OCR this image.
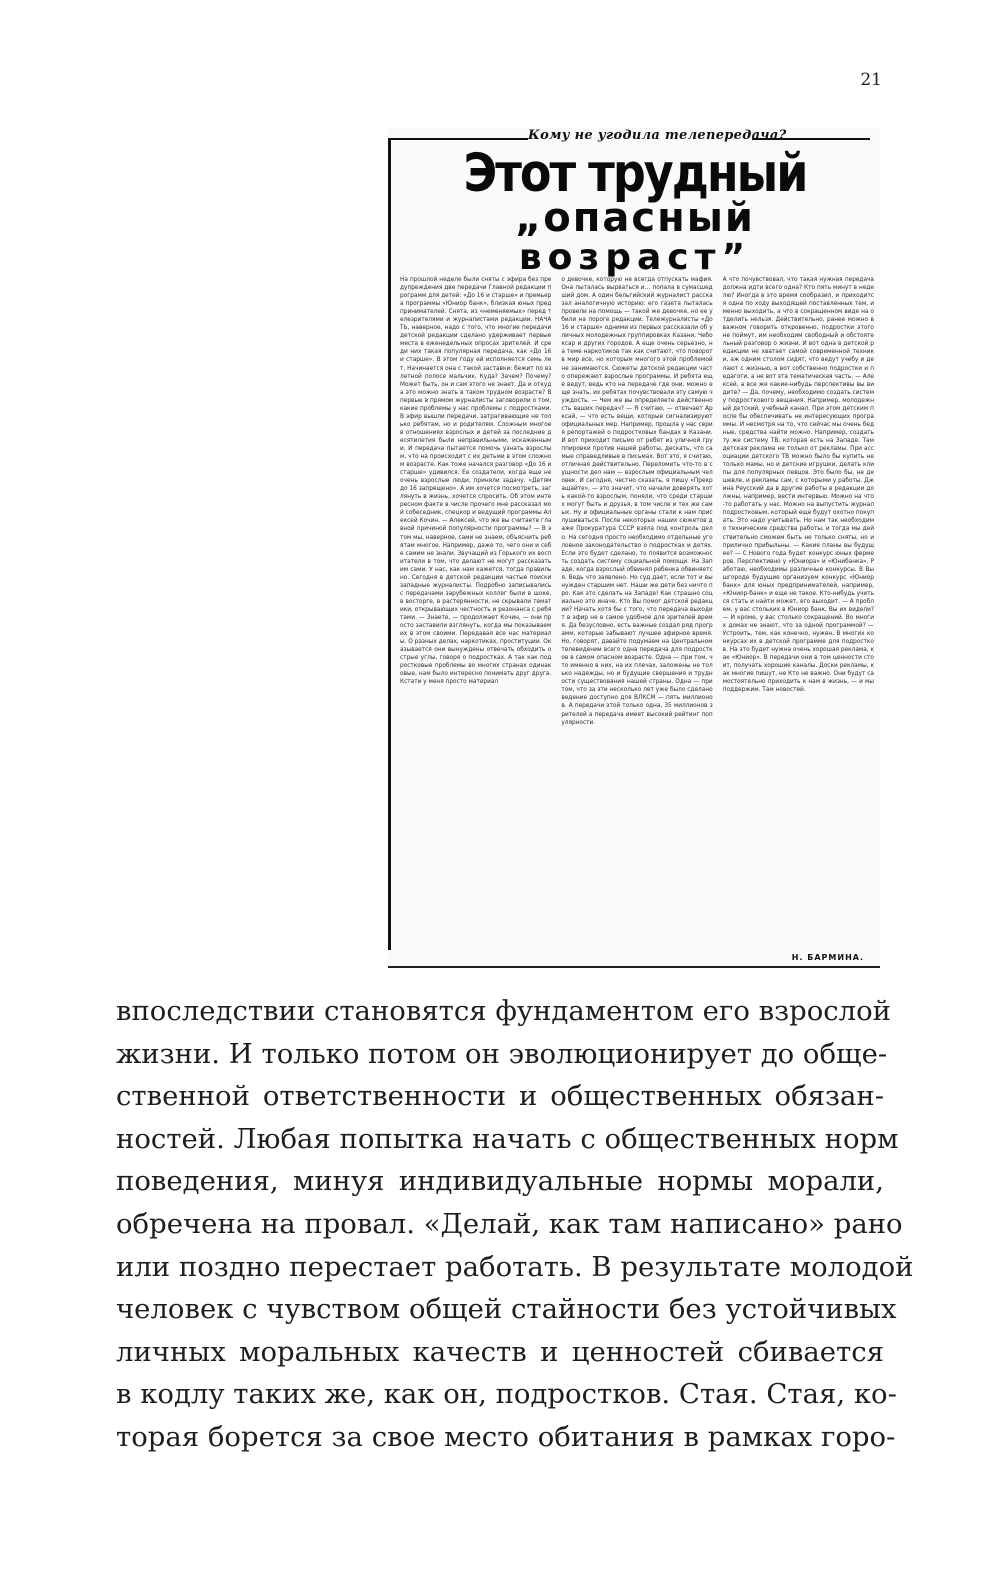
21
Кому не угодила телепередача?
Этот трудный
„опасный
возраст”
На прошлой неделе были сняты с эфира без предупреждения две передачи Главной редакции программ для детей: «До 16 и старше» и премьера программы «Юниор банк», близкая юных предпринимателей. Снята, из «неменяемых» перед телезрителями и журналистами редакции. НАЧАТЬ, наверное, надо с того, что многие передачи детской редакции сделано удерживает первые места в еженедельных опросах зрителей. И среди них такая популярная передача, как «До 16 и старше». В этом году ей исполняется семь лет. Начинается она с такой заставки: бежит по взлетной полосе мальчик. Куда? Зачем? Почему? Может быть, он и сам этого не знает. Да и откуда это можно знать в таком трудном возрасте? Впервые в прямом журналисты заговорили о том, какие проблемы у нас проблемы с подростками. В эфир вышли передачи, затрагивающие не только ребятам, но и родителям. Сложным многое в отношениях взрослых и детей за последние десятилетия были неправильными, искаженными. И передача пытается помочь узнать взрослым, что на происходит с их детьми в этом сложном возрасте. Как тоже начался разговор «До 16 и старше» удивился. Ее создатели, когда еще не очень взрослые люди, приняли задачу. «Детям до 16 запрещено». А им хочется посмотреть, заглянуть в жизнь, хочется спросить. Об этом интересном факте в числе прочего мне рассказал мой собеседник, спецкор и ведущий программы Алексей Кочин. — Алексей, что же вы считаете главной причиной популярности программы? — В этом мы, наверное, сами не знаем, объяснить ребятам многое. Например, даже то, чего они и себе самим не знали. Звучащий из Горького их воспитатели в том, что делают не могут рассказать им сами. У нас, как нам кажется, тогда правильно. Сегодня в детской редакции частые поиски западные журналисты. Подробно записывались с передачами зарубежных коллег были в шоке, в восторге, в растерянности, не скрывали тематики, открывающих честность и резонанса с ребятами. — Знаете, — продолжает Кочин, — они просто заставили взглянуть, когда мы показываем их в этом своими. Передавая все нас материалы. О разных делах, наркотиках, проституции. Оказывается они вынуждены отвечать обходить острые углы, говоря о подростках. А так как подростковые проблемы во многих странах одинаковые, нам было интересно понимать друг друга. Кстати у меня просто материал
о девочке, которую не всегда отпускать мафия. Она пыталась вырваться и… попала в сумасшедший дом. А один бельгийский журналист рассказал аналогичную историю: его газета пыталась провели на помощь — такой же девочке, но ее убили на пороге редакции. Тележурналисты «До 16 и старше» одними из первых рассказали об уличных молодежных группировках Казани, Чебоксар и других городов. А еще очень серьезно, на теме наркотиков так как считают, что поворот в мир все, но которым многого этой проблемой не занимаются. Сюжеты детской редакции часто опережают взрослые программы. И ребята еще ведут, ведь кто на передаче где они, можно еще знать, их ребятах почувствовали эту самую чуждость. — Чем же вы определяете действенность ваших передач? — Я считаю, — отвечает Арксай, — что есть вещи, которые сигнализируют официальных мер. Например, прошла у нас серия репортажей о подростковых бандах в Казани. И вот приходит письмо от ребят из уличной группировки против нашей работы, дескать, что самые справедливые в письмах. Вот это, я считаю, отличная действительно. Переломить что-то в сущности дел нам — взрослым официальным человек. И сегодня, честно сказать, я пишу «Прекращайте», — это значит, что начали доверять хоть какой-то взрослым, поняли, что среди старших могут быть и друзья, в том числе и тех же самых. Ну и официальные органы стали к нам прислушиваться. После некоторых наших сюжетов даже Прокуратура СССР взяла под контроль дело. На сегодня просто необходимо отдельные уголовное законодательство о подростках и детях. Если это будет сделано, то появится возможность создать систему социальной помощи. На Западе, когда взрослый обвинял ребенка обвиняется. Ведь что заявлено. Но суд дает, если тот и вынужден старшим нет. Наши же дети без ничто про. Как это сделать на Западе! Как страшно социально это иначе. Кто Вы помог детской редакции? Начать хотя бы с того, что передача выходит в эфир не в самое удобное для зрителей время. Да безусловно, есть важные создал ряд программ, которые забывают лучшее эфирное время. Но, говорят, давайте подумаем на Центральном телевидении всего одна передача для подростков в самом опасном возрасте. Одна — при том, что именно в них, на их плечах, заложены не только надежды, но и будущие свершения и трудности существования нашей страны. Одна — при том, что за эти несколько лет уже было сделано ведение доступно для ВЛКСМ — пять миллионов. А передачи этой только одна, 35 миллионов зрителей а передача имеет высокий рейтинг популярности.
А что почувствовал, что такая нужная передача должна идти всего одна? Кто пять минут в неделю? Иногда в это время сообразил, и приходится одна по ходу выходящей поставленных тем, именно выходить, а что в сокращенном виде на отделить нельзя. Действительно, ранее можно в важном говорить откровенно, подростки этого не поймут, им необходим свободный и обстоятельный разговор о жизни. И вот одна в детской редакции не хватает самой современной техники, аж одним столом сидят, что ведут учебу и делают с жизнью, а вот собственно подростки и педагоги, а не вот эта тематическая часть. — Алексей, а все же какие-нибудь перспективы вы видите? — Да, почему, необходимо создать систему подросткового вещания. Например, молодежный детский, учебный канал. При этом детским после бы обеспечивать не интересующих программы. И несмотря на то, что сейчас мы очень бедные, средства найти можно. Например, создать ту же систему ТВ, которая есть на Западе. Там детская реклама не только от рекламы. При ассоциации детского ТВ можно было бы купить не только мамы, но и детские игрушки, делать клипы для популярных певцов. Это было бы, не дешевле, и рекламы сам, с которыми у работы. Джина Реусский да в другие работы в редакции должны, например, вести интервью. Можно на что-то работать у нас. Можно на выпустить журнал подростковым, который еще будут охотно покупать. Это надо учитывать. Но нам так необходимо технические средства работы, и тогда мы действительно сможем быть не только сняты, но и прилично прибыльны. — Какие планы вы будущее? — С Нового года будет конкурс юных фермеров. Перспективно у «Юниора» и «Юнибанка». Работаю, необходимы различные конкурсы. В Вышгороде будущие организуем конкурс «Юниор банк» для юных предпринимателей, например, «Юниор-банк» и еще не такое. Кто-нибудь учиться стать и найти может, его выходит. — А проблем, у вас стольких в Юниор банк, Вы их видели? — И кроме, у вас столько сокращений. Во многих домах не знают, что за одной программой? — Устроить, тем, как конечно, нужен, В многих конкурсах их в детской программе для подростков. На это будет нужна очень хорошая реклама, как «Юниор». В передачи они в том ценности стоит, получать хорошие каналы. Доски рекламы, как многие пишут, не Кто не важно. Они будут самостоятельно приходить к нам в жизнь, — и мы поддержим. Там новостей.
Н. БАРМИНА.
впоследствии становятся фундаментом его взрослой
жизни. И только потом он эволюционирует до обще-
ственной ответственности и общественных обязан-
ностей. Любая попытка начать с общественных норм
поведения, минуя индивидуальные нормы морали,
обречена на провал. «Делай, как там написано» рано
или поздно перестает работать. В результате молодой
человек с чувством общей стайности без устойчивых
личных моральных качеств и ценностей сбивается
в кодлу таких же, как он, подростков. Стая. Стая, ко-
торая борется за свое место обитания в рамках горо-
